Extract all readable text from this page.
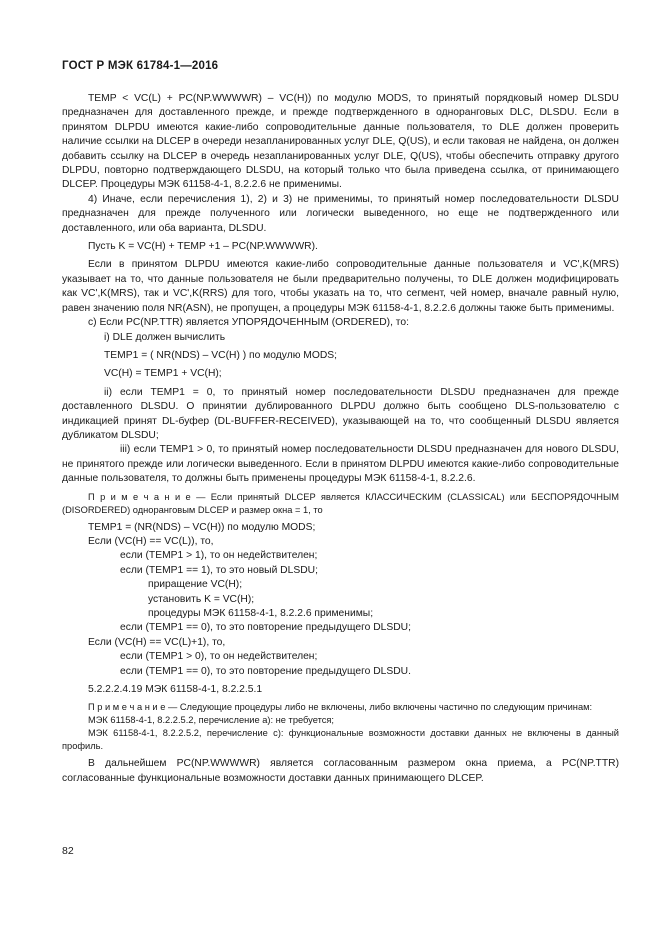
ГОСТ Р МЭК 61784-1—2016

TEMP < VC(L) + PC(NP.WWWWR) – VC(H)) по модулю MODS, то принятый порядковый номер DLSDU предназначен для доставленного прежде, и прежде подтвержденного в одноранговых DLC, DLSDU. Если в принятом DLPDU имеются какие-либо сопроводительные данные пользователя, то DLE должен проверить наличие ссылки на DLCEP в очереди незапланированных услуг DLE, Q(US), и если таковая не найдена, он должен добавить ссылку на DLCEP в очередь незапланированных услуг DLE, Q(US), чтобы обеспечить отправку другого DLPDU, повторно подтверждающего DLSDU, на который только что была приведена ссылка, от принимающего DLCEP. Процедуры МЭК 61158-4-1, 8.2.2.6 не применимы.

4) Иначе, если перечисления 1), 2) и 3) не применимы, то принятый номер последовательности DLSDU предназначен для прежде полученного или логически выведенного, но еще не подтвержденного или доставленного, или оба варианта, DLSDU.

Пусть K = VC(H) + TEMP +1 – PC(NP.WWWWR).

Если в принятом DLPDU имеются какие-либо сопроводительные данные пользователя и VC',K(MRS) указывает на то, что данные пользователя не были предварительно получены, то DLE должен модифицировать как VC',K(MRS), так и VC',K(RRS) для того, чтобы указать на то, что сегмент, чей номер, вначале равный нулю, равен значению поля NR(ASN), не пропущен, а процедуры МЭК 61158-4-1, 8.2.2.6 должны также быть применимы.

c) Если PC(NP.TTR) является УПОРЯДОЧЕННЫМ (ORDERED), то:

i) DLE должен вычислить

TEMP1 = ( NR(NDS) – VC(H) ) по модулю MODS;

VC(H) = TEMP1 + VC(H);

ii) если TEMP1 = 0, то принятый номер последовательности DLSDU предназначен для прежде доставленного DLSDU. О принятии дублированного DLPDU должно быть сообщено DLS-пользователю c индикацией принят DL-буфер (DL-BUFFER-RECEIVED), указывающей на то, что сообщенный DLSDU является дубликатом DLSDU;

iii) если TEMP1 > 0, то принятый номер последовательности DLSDU предназначен для нового DLSDU, не принятого прежде или логически выведенного. Если в принятом DLPDU имеются какие-либо сопроводительные данные пользователя, то должны быть применены процедуры МЭК 61158-4-1, 8.2.2.6.

П р и м е ч а н и е — Если принятый DLCEP является КЛАССИЧЕСКИМ (CLASSICAL) или БЕСПОРЯДОЧНЫМ (DISORDERED) одноранговым DLCEP и размер окна = 1, то

TEMP1 = (NR(NDS) – VC(H)) по модулю MODS;

Если (VC(H) == VC(L)), то,

если (TEMP1 > 1), то он недействителен;

если (TEMP1 == 1), то это новый DLSDU;

приращение VC(H);

установить K = VC(H);

процедуры МЭК 61158-4-1, 8.2.2.6 применимы;

если (TEMP1 == 0), то это повторение предыдущего DLSDU;

Если (VC(H) == VC(L)+1), то,

если (TEMP1 > 0), то он недействителен;

если (TEMP1 == 0), то это повторение предыдущего DLSDU.

5.2.2.2.4.19 МЭК 61158-4-1, 8.2.2.5.1

П р и м е ч а н и е — Следующие процедуры либо не включены, либо включены частично по следующим причинам:

МЭК 61158-4-1, 8.2.2.5.2, перечисление а): не требуется;

МЭК 61158-4-1, 8.2.2.5.2, перечисление c): функциональные возможности доставки данных не включены в данный профиль.

В дальнейшем PC(NP.WWWWR) является согласованным размером окна приема, а PC(NP.TTR) согласованные функциональные возможности доставки данных принимающего DLCEP.

82
